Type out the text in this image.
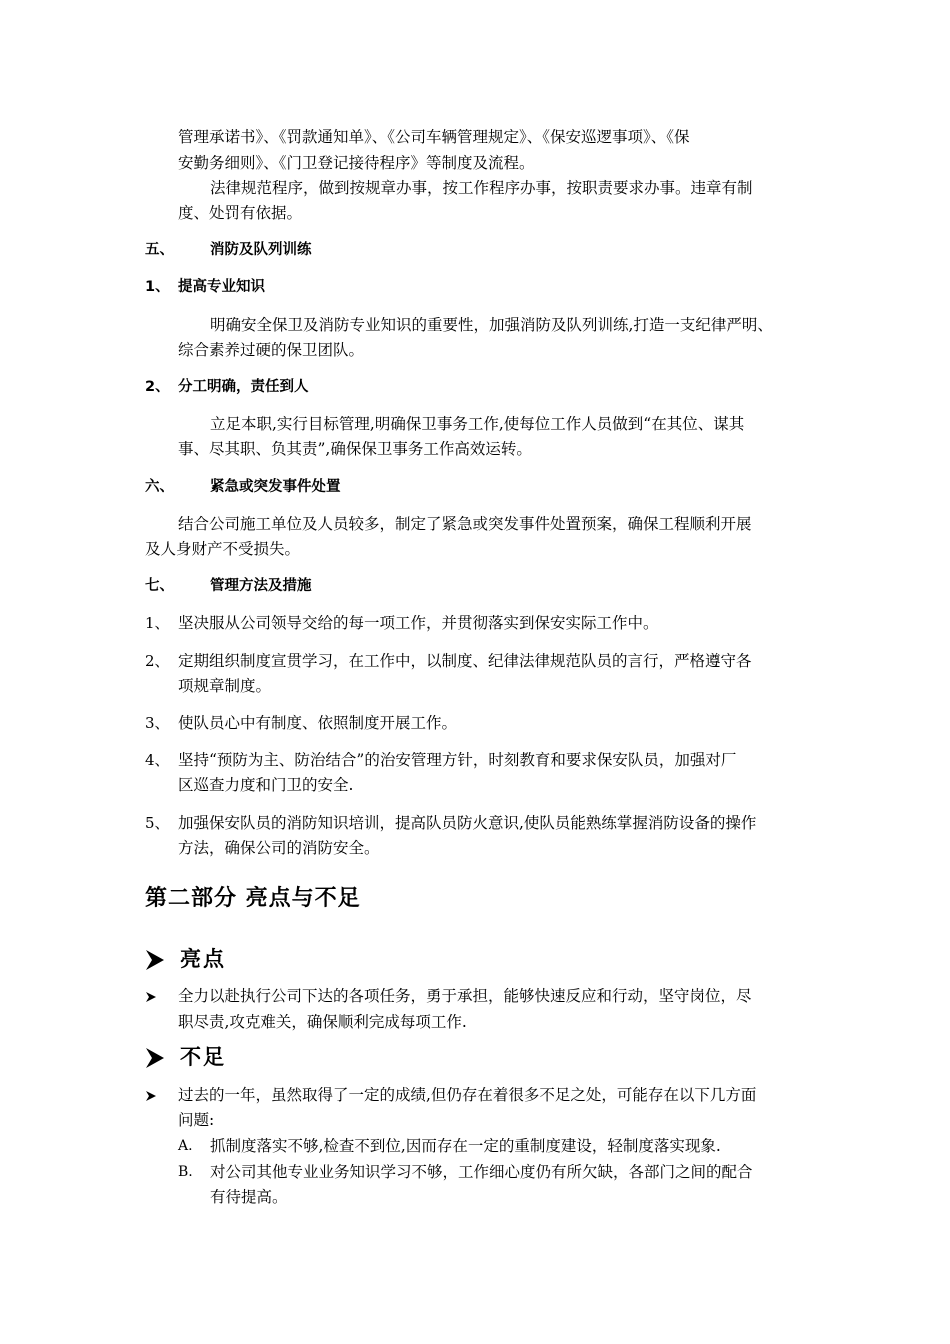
管理承诺书》、《罚款通知单》、《公司车辆管理规定》、《保安巡逻事项》、《保
安勤务细则》、《门卫登记接待程序》等制度及流程。
法律规范程序，做到按规章办事，按工作程序办事，按职责要求办事。违章有制
度、处罚有依据。
五、 消防及队列训练
1、 提高专业知识
明确安全保卫及消防专业知识的重要性，加强消防及队列训练,打造一支纪律严明、
综合素养过硬的保卫团队。
2、 分工明确，责任到人
立足本职,实行目标管理,明确保卫事务工作,使每位工作人员做到“在其位、谋其
事、尽其职、负其责”,确保保卫事务工作高效运转。
六、 紧急或突发事件处置
结合公司施工单位及人员较多，制定了紧急或突发事件处置预案，确保工程顺利开展
及人身财产不受损失。
七、 管理方法及措施
1、 坚决服从公司领导交给的每一项工作，并贯彻落实到保安实际工作中。
2、 定期组织制度宣贯学习，在工作中，以制度、纪律法律规范队员的言行，严格遵守各
项规章制度。
3、 使队员心中有制度、依照制度开展工作。
4、 坚持“预防为主、防治结合”的治安管理方针，时刻教育和要求保安队员，加强对厂
区巡查力度和门卫的安全.
5、 加强保安队员的消防知识培训，提高队员防火意识,使队员能熟练掌握消防设备的操作
方法，确保公司的消防安全。
第二部分 亮点与不足
亮点
全力以赴执行公司下达的各项任务，勇于承担，能够快速反应和行动，坚守岗位，尽
职尽责,攻克难关，确保顺利完成每项工作.
不足
过去的一年，虽然取得了一定的成绩,但仍存在着很多不足之处，可能存在以下几方面
问题:
A. 抓制度落实不够,检查不到位,因而存在一定的重制度建设，轻制度落实现象.
B. 对公司其他专业业务知识学习不够，工作细心度仍有所欠缺，各部门之间的配合
有待提高。
